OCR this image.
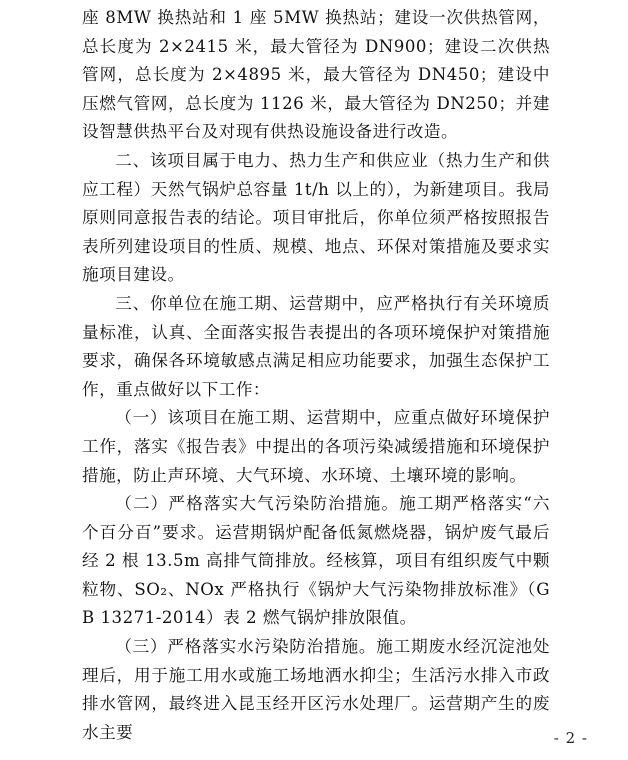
座 8MW 换热站和 1 座 5MW 换热站；建设一次供热管网，总长度为 2×2415 米，最大管径为 DN900；建设二次供热管网，总长度为 2×4895 米，最大管径为 DN450；建设中压燃气管网，总长度为 1126 米，最大管径为 DN250；并建设智慧供热平台及对现有供热设施设备进行改造。

二、该项目属于电力、热力生产和供应业（热力生产和供应工程）天然气锅炉总容量 1t/h 以上的），为新建项目。我局原则同意报告表的结论。项目审批后，你单位须严格按照报告表所列建设项目的性质、规模、地点、环保对策措施及要求实施项目建设。

三、你单位在施工期、运营期中，应严格执行有关环境质量标准，认真、全面落实报告表提出的各项环境保护对策措施要求，确保各环境敏感点满足相应功能要求，加强生态保护工作，重点做好以下工作：

（一）该项目在施工期、运营期中，应重点做好环境保护工作，落实《报告表》中提出的各项污染减缓措施和环境保护措施，防止声环境、大气环境、水环境、土壤环境的影响。

（二）严格落实大气污染防治措施。施工期严格落实“六个百分百”要求。运营期锅炉配备低氮燃烧器，锅炉废气最后经 2 根 13.5m 高排气筒排放。经核算，项目有组织废气中颗粒物、SO₂、NOx 严格执行《锅炉大气污染物排放标准》（GB 13271-2014）表 2 燃气锅炉排放限值。

（三）严格落实水污染防治措施。施工期废水经沉淀池处理后，用于施工用水或施工场地洒水抑尘；生活污水排入市政排水管网，最终进入昆玉经开区污水处理厂。运营期产生的废水主要	- 2 -
